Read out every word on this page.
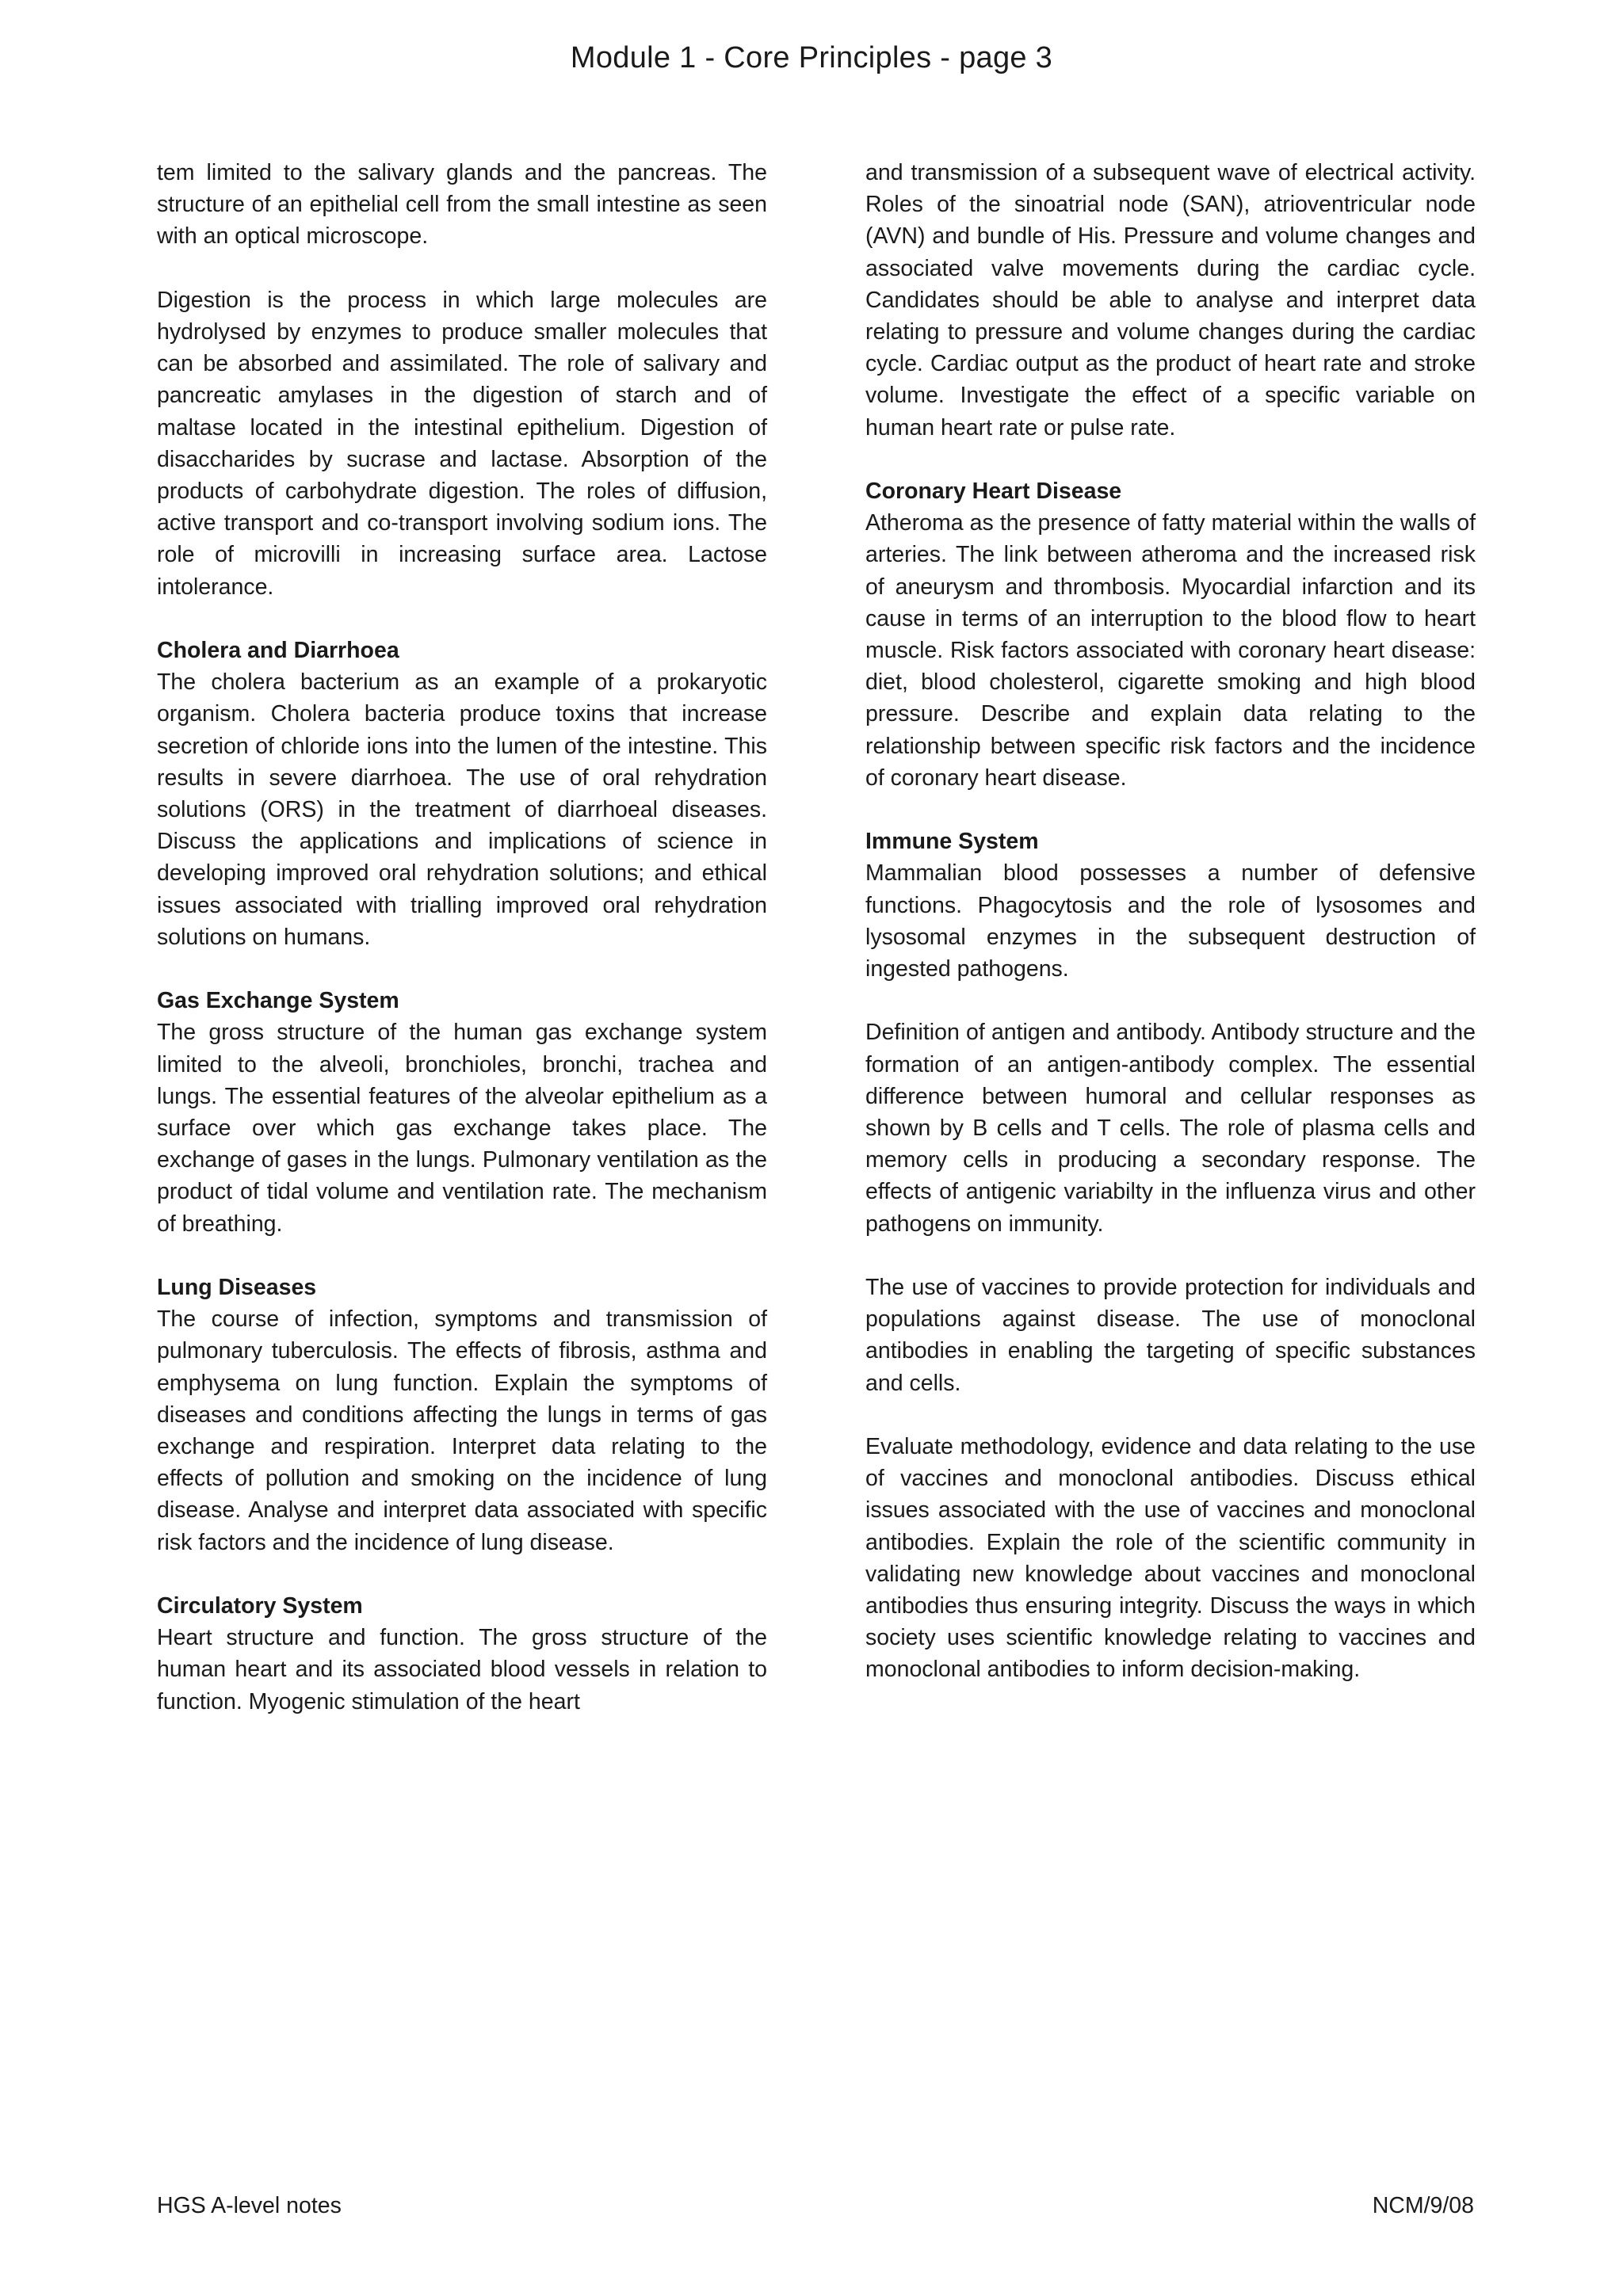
Module 1 - Core Principles - page 3

tem limited to the salivary glands and the pancreas. The structure of an epithelial cell from the small intestine as seen with an optical microscope.

Digestion is the process in which large molecules are hydrolysed by enzymes to produce smaller molecules that can be absorbed and assimilated. The role of salivary and pancreatic amylases in the digestion of starch and of maltase located in the intestinal epithelium. Digestion of disaccharides by sucrase and lactase. Absorption of the products of carbohydrate digestion. The roles of diffusion, active transport and co-transport involving sodium ions. The role of microvilli in increasing surface area. Lactose intolerance.

Cholera and Diarrhoea

The cholera bacterium as an example of a prokaryotic organism. Cholera bacteria produce toxins that increase secretion of chloride ions into the lumen of the intestine. This results in severe diarrhoea. The use of oral rehydration solutions (ORS) in the treatment of diarrhoeal diseases. Discuss the applications and implications of science in developing improved oral rehydration solutions; and ethical issues associated with trialling improved oral rehydration solutions on humans.

Gas Exchange System

The gross structure of the human gas exchange system limited to the alveoli, bronchioles, bronchi, trachea and lungs. The essential features of the alveolar epithelium as a surface over which gas exchange takes place. The exchange of gases in the lungs. Pulmonary ventilation as the product of tidal volume and ventilation rate. The mechanism of breathing.

Lung Diseases

The course of infection, symptoms and transmission of pulmonary tuberculosis. The effects of fibrosis, asthma and emphysema on lung function. Explain the symptoms of diseases and conditions affecting the lungs in terms of gas exchange and respiration. Interpret data relating to the effects of pollution and smoking on the incidence of lung disease. Analyse and interpret data associated with specific risk factors and the incidence of lung disease.

Circulatory System

Heart structure and function. The gross structure of the human heart and its associated blood vessels in relation to function. Myogenic stimulation of the heart

and transmission of a subsequent wave of electrical activity. Roles of the sinoatrial node (SAN), atrioventricular node (AVN) and bundle of His. Pressure and volume changes and associated valve movements during the cardiac cycle. Candidates should be able to analyse and interpret data relating to pressure and volume changes during the cardiac cycle. Cardiac output as the product of heart rate and stroke volume. Investigate the effect of a specific variable on human heart rate or pulse rate.

Coronary Heart Disease

Atheroma as the presence of fatty material within the walls of arteries. The link between atheroma and the increased risk of aneurysm and thrombosis. Myocardial infarction and its cause in terms of an interruption to the blood flow to heart muscle. Risk factors associated with coronary heart disease: diet, blood cholesterol, cigarette smoking and high blood pressure. Describe and explain data relating to the relationship between specific risk factors and the incidence of coronary heart disease.

Immune System

Mammalian blood possesses a number of defensive functions. Phagocytosis and the role of lysosomes and lysosomal enzymes in the subsequent destruction of ingested pathogens.

Definition of antigen and antibody. Antibody structure and the formation of an antigen-antibody complex. The essential difference between humoral and cellular responses as shown by B cells and T cells. The role of plasma cells and memory cells in producing a secondary response. The effects of antigenic variabilty in the influenza virus and other pathogens on immunity.

The use of vaccines to provide protection for individuals and populations against disease. The use of monoclonal antibodies in enabling the targeting of specific substances and cells.

Evaluate methodology, evidence and data relating to the use of vaccines and monoclonal antibodies. Discuss ethical issues associated with the use of vaccines and monoclonal antibodies. Explain the role of the scientific community in validating new knowledge about vaccines and monoclonal antibodies thus ensuring integrity. Discuss the ways in which society uses scientific knowledge relating to vaccines and monoclonal antibodies to inform decision-making.

HGS A-level notes	NCM/9/08
